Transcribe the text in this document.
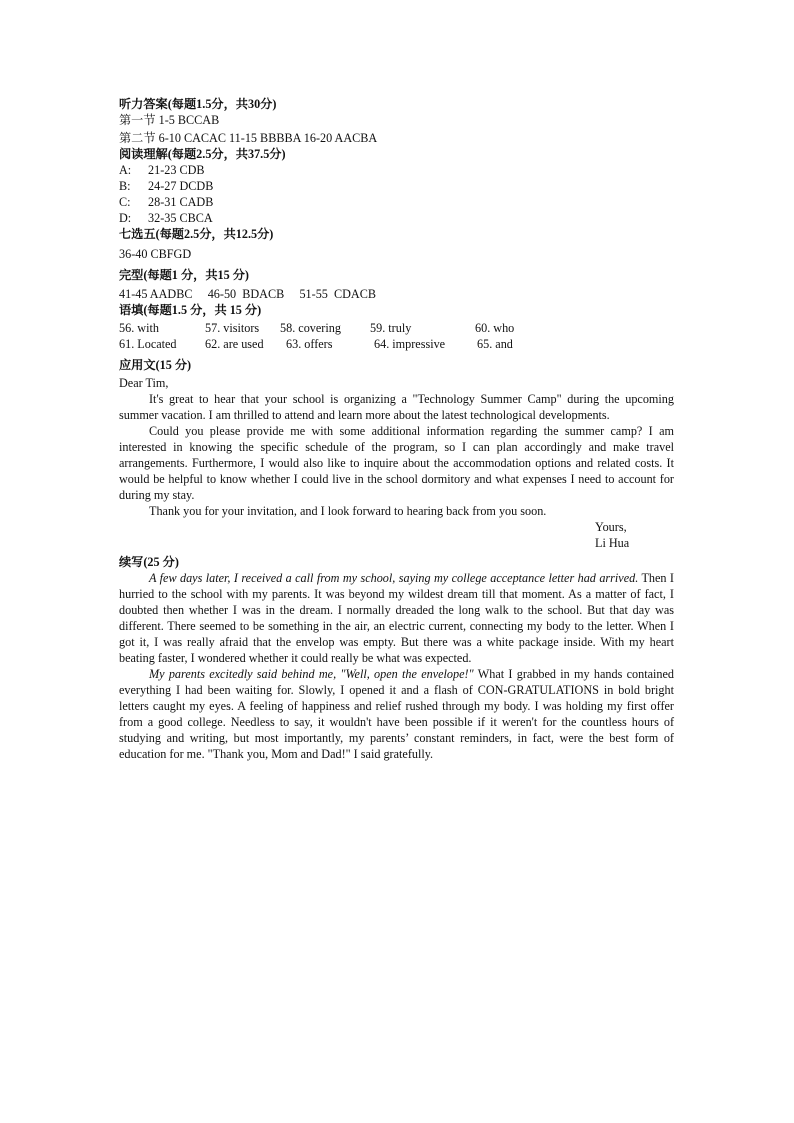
听力答案(每题1.5分，共30分)

第一节 1-5 BCCAB

第二节 6-10 CACAC 11-15 BBBBA 16-20 AACBA

阅读理解(每题2.5分，共37.5分)

A:	21-23 CDB
B:	24-27 DCDB
C:	28-31 CADB
D:	32-35 CBCA

七选五(每题2.5分，共12.5分)

36-40 CBFGD

完型(每题1 分，共15 分)

41-45 AADBC     46-50  BDACB     51-55  CDACB

语填(每题1.5 分，共 15 分)

56. with	57. visitors	58. covering	59. truly	60. who
61. Located	62. are used	63. offers	64. impressive	65. and

应用文(15 分)

Dear Tim,

It's great to hear that your school is organizing a "Technology Summer Camp" during the upcoming summer vacation. I am thrilled to attend and learn more about the latest technological developments.

Could you please provide me with some additional information regarding the summer camp? I am interested in knowing the specific schedule of the program, so I can plan accordingly and make travel arrangements. Furthermore, I would also like to inquire about the accommodation options and related costs. It would be helpful to know whether I could live in the school dormitory and what expenses I need to account for during my stay.

Thank you for your invitation, and I look forward to hearing back from you soon.

Yours,

Li Hua

续写(25 分)

A few days later, I received a call from my school, saying my college acceptance letter had arrived. Then I hurried to the school with my parents. It was beyond my wildest dream till that moment. As a matter of fact, I doubted then whether I was in the dream. I normally dreaded the long walk to the school. But that day was different. There seemed to be something in the air, an electric current, connecting my body to the letter. When I got it, I was really afraid that the envelop was empty. But there was a white package inside. With my heart beating faster, I wondered whether it could really be what was expected.

My parents excitedly said behind me, "Well, open the envelope!" What I grabbed in my hands contained everything I had been waiting for. Slowly, I opened it and a flash of CON-GRATULATIONS in bold bright letters caught my eyes. A feeling of happiness and relief rushed through my body. I was holding my first offer from a good college. Needless to say, it wouldn't have been possible if it weren't for the countless hours of studying and writing, but most importantly, my parents’ constant reminders, in fact, were the best form of education for me. "Thank you, Mom and Dad!" I said gratefully.
